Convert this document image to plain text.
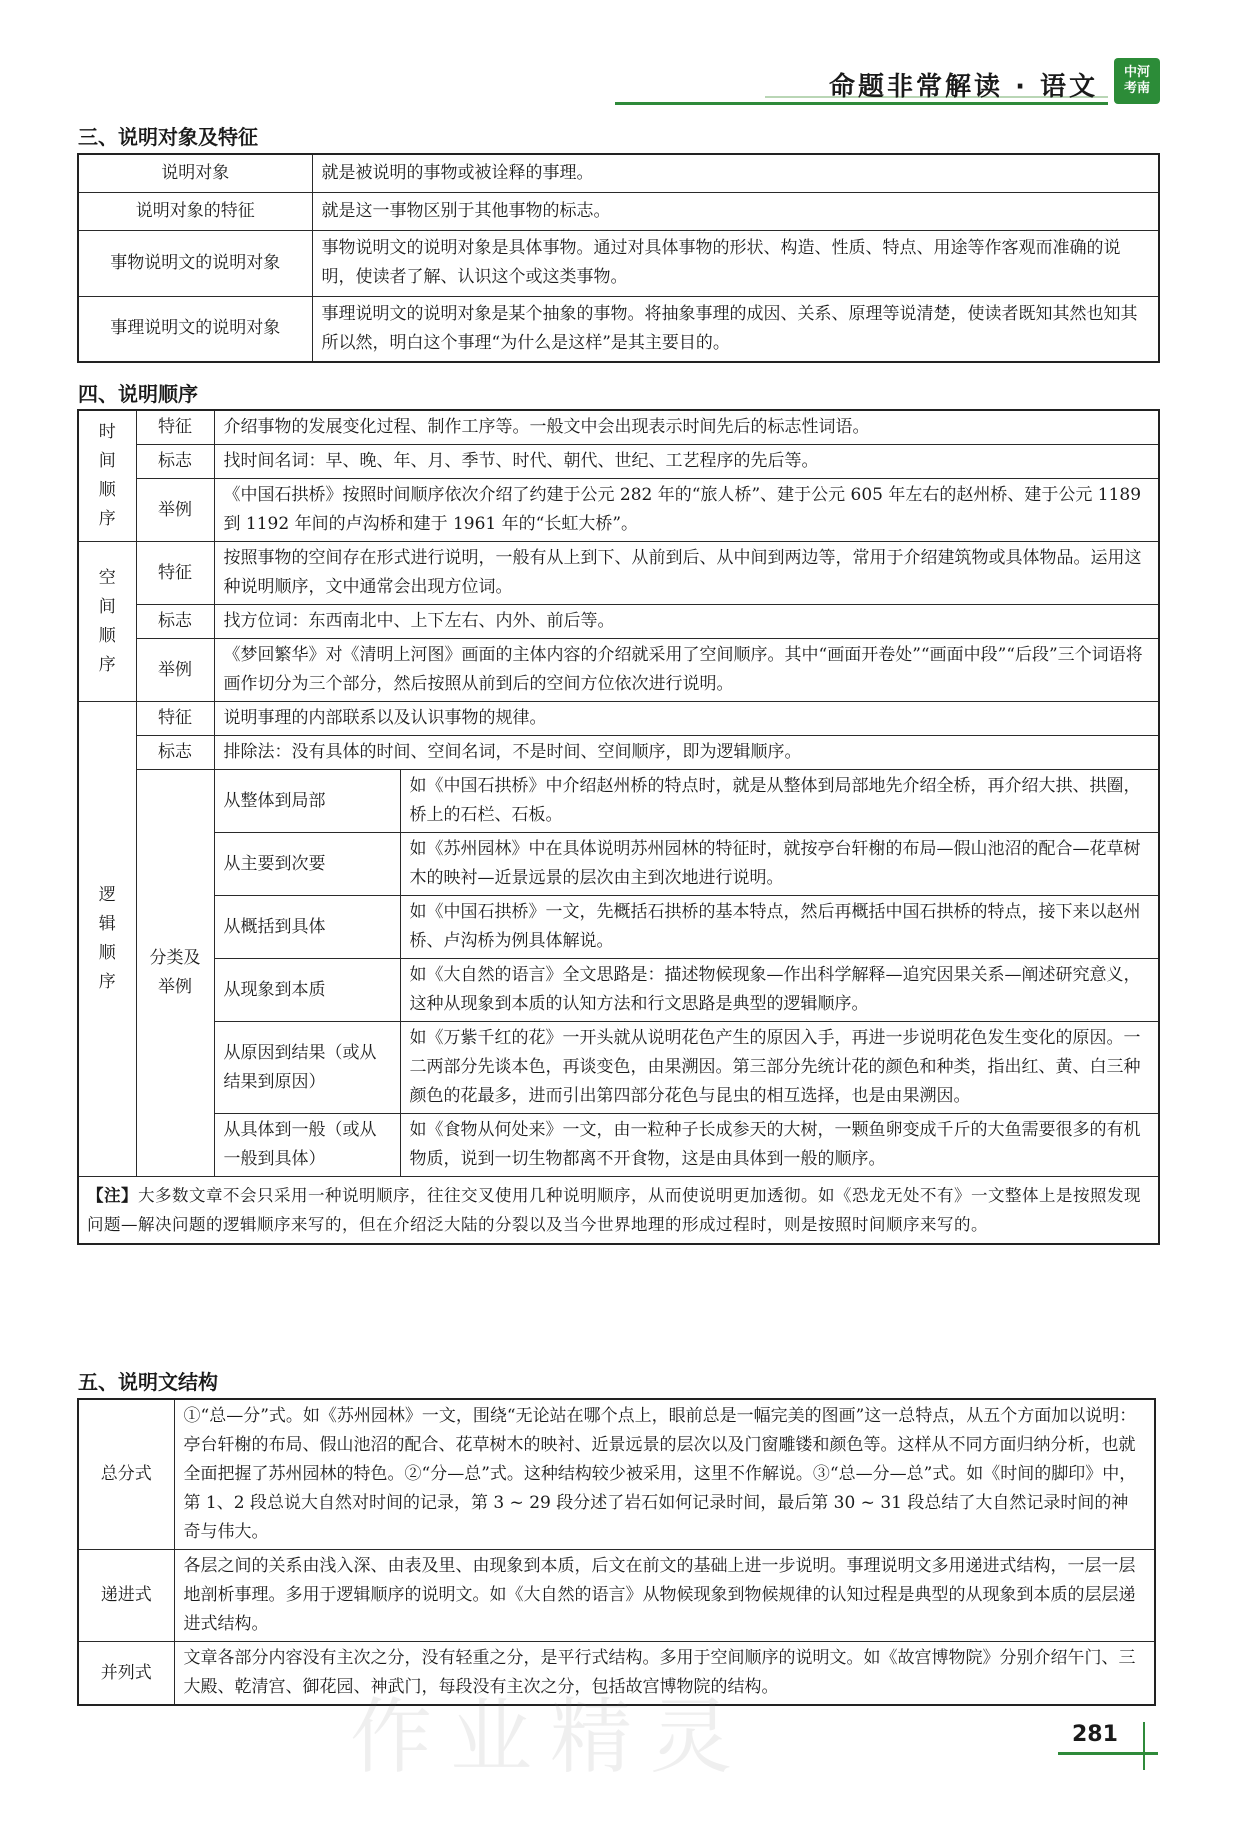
命题非常解读 · 语文 中河
考南
三、说明对象及特征
说明对象	就是被说明的事物或被诠释的事理。
说明对象的特征	就是这一事物区别于其他事物的标志。
事物说明文的说明对象	事物说明文的说明对象是具体事物。通过对具体事物的形状、构造、性质、特点、用途等作客观而准确的说明，使读者了解、认识这个或这类事物。
事理说明文的说明对象	事理说明文的说明对象是某个抽象的事物。将抽象事理的成因、关系、原理等说清楚，使读者既知其然也知其所以然，明白这个事理“为什么是这样”是其主要目的。
四、说明顺序
时间顺序	特征	介绍事物的发展变化过程、制作工序等。一般文中会出现表示时间先后的标志性词语。	
	标志	找时间名词：早、晚、年、月、季节、时代、朝代、世纪、工艺程序的先后等。	
	举例	《中国石拱桥》按照时间顺序依次介绍了约建于公元 282 年的“旅人桥”、建于公元 605 年左右的赵州桥、建于公元 1189 到 1192 年间的卢沟桥和建于 1961 年的“长虹大桥”。	

空间顺序	特征	按照事物的空间存在形式进行说明，一般有从上到下、从前到后、从中间到两边等，常用于介绍建筑物或具体物品。运用这种说明顺序，文中通常会出现方位词。	
	标志	找方位词：东西南北中、上下左右、内外、前后等。	
	举例	《梦回繁华》对《清明上河图》画面的主体内容的介绍就采用了空间顺序。其中“画面开卷处”“画面中段”“后段”三个词语将画作切分为三个部分，然后按照从前到后的空间方位依次进行说明。	

逻辑顺序	特征	说明事理的内部联系以及认识事物的规律。	
	标志	排除法：没有具体的时间、空间名词，不是时间、空间顺序，即为逻辑顺序。	
	分类及举例	从整体到局部	如《中国石拱桥》中介绍赵州桥的特点时，就是从整体到局部地先介绍全桥，再介绍大拱、拱圈，桥上的石栏、石板。
		从主要到次要	如《苏州园林》中在具体说明苏州园林的特征时，就按亭台轩榭的布局—假山池沼的配合—花草树木的映衬—近景远景的层次由主到次地进行说明。
		从概括到具体	如《中国石拱桥》一文，先概括石拱桥的基本特点，然后再概括中国石拱桥的特点，接下来以赵州桥、卢沟桥为例具体解说。
		从现象到本质	如《大自然的语言》全文思路是：描述物候现象—作出科学解释—追究因果关系—阐述研究意义，这种从现象到本质的认知方法和行文思路是典型的逻辑顺序。
		从原因到结果（或从结果到原因）	如《万紫千红的花》一开头就从说明花色产生的原因入手，再进一步说明花色发生变化的原因。一二两部分先谈本色，再谈变色，由果溯因。第三部分先统计花的颜色和种类，指出红、黄、白三种颜色的花最多，进而引出第四部分花色与昆虫的相互选择，也是由果溯因。
		从具体到一般（或从一般到具体）	如《食物从何处来》一文，由一粒种子长成参天的大树，一颗鱼卵变成千斤的大鱼需要很多的有机物质，说到一切生物都离不开食物，这是由具体到一般的顺序。
【注】大多数文章不会只采用一种说明顺序，往往交叉使用几种说明顺序，从而使说明更加透彻。如《恐龙无处不有》一文整体上是按照发现问题—解决问题的逻辑顺序来写的，但在介绍泛大陆的分裂以及当今世界地理的形成过程时，则是按照时间顺序来写的。			
五、说明文结构
总分式	①“总—分”式。如《苏州园林》一文，围绕“无论站在哪个点上，眼前总是一幅完美的图画”这一总特点，从五个方面加以说明：亭台轩榭的布局、假山池沼的配合、花草树木的映衬、近景远景的层次以及门窗雕镂和颜色等。这样从不同方面归纳分析，也就全面把握了苏州园林的特色。②“分—总”式。这种结构较少被采用，这里不作解说。③“总—分—总”式。如《时间的脚印》中，第 1、2 段总说大自然对时间的记录，第 3 ~ 29 段分述了岩石如何记录时间，最后第 30 ~ 31 段总结了大自然记录时间的神奇与伟大。
递进式	各层之间的关系由浅入深、由表及里、由现象到本质，后文在前文的基础上进一步说明。事理说明文多用递进式结构，一层一层地剖析事理。多用于逻辑顺序的说明文。如《大自然的语言》从物候现象到物候规律的认知过程是典型的从现象到本质的层层递进式结构。
并列式	文章各部分内容没有主次之分，没有轻重之分，是平行式结构。多用于空间顺序的说明文。如《故宫博物院》分别介绍午门、三大殿、乾清宫、御花园、神武门，每段没有主次之分，包括故宫博物院的结构。
作业精灵	281
